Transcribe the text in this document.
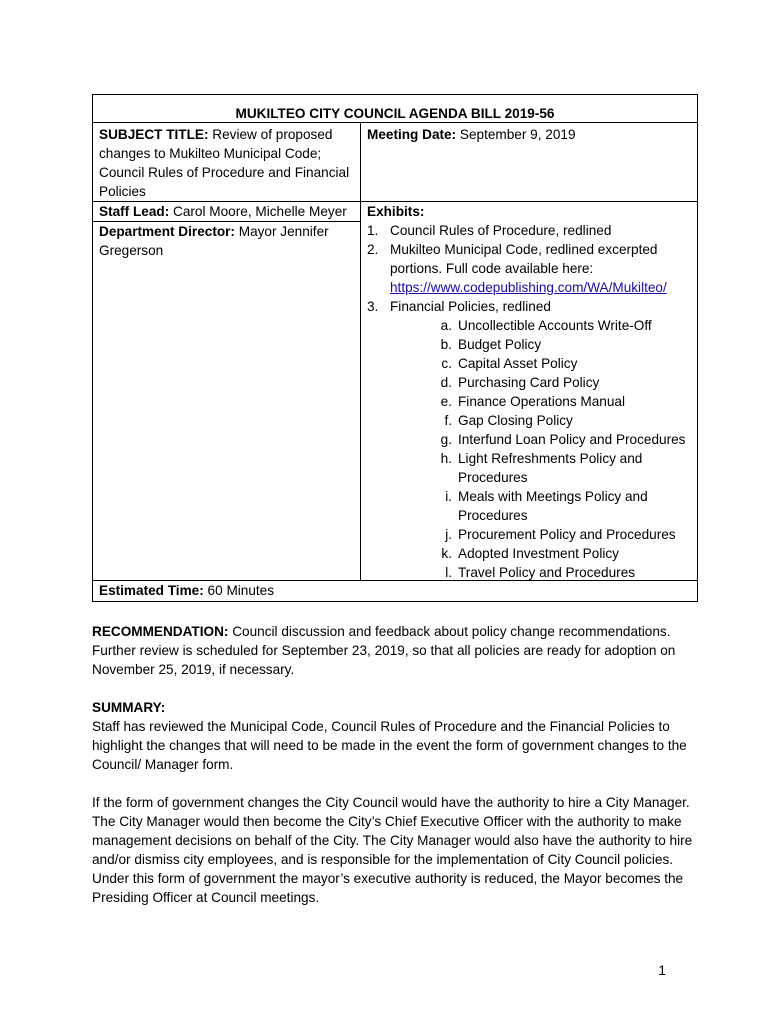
MUKILTEO CITY COUNCIL AGENDA BILL 2019-56
SUBJECT TITLE: Review of proposed changes to Mukilteo Municipal Code; Council Rules of Procedure and Financial Policies
Meeting Date: September 9, 2019
Staff Lead: Carol Moore, Michelle Meyer
Department Director: Mayor Jennifer Gregerson
Exhibits:
1. Council Rules of Procedure, redlined
2. Mukilteo Municipal Code, redlined excerpted portions. Full code available here:
https://www.codepublishing.com/WA/Mukilteo/
3. Financial Policies, redlined
a. Uncollectible Accounts Write-Off
b. Budget Policy
c. Capital Asset Policy
d. Purchasing Card Policy
e. Finance Operations Manual
f. Gap Closing Policy
g. Interfund Loan Policy and Procedures
h. Light Refreshments Policy and Procedures
i. Meals with Meetings Policy and Procedures
j. Procurement Policy and Procedures
k. Adopted Investment Policy
l. Travel Policy and Procedures
Estimated Time: 60 Minutes

RECOMMENDATION: Council discussion and feedback about policy change recommendations. Further review is scheduled for September 23, 2019, so that all policies are ready for adoption on November 25, 2019, if necessary.

SUMMARY:

Staff has reviewed the Municipal Code, Council Rules of Procedure and the Financial Policies to highlight the changes that will need to be made in the event the form of government changes to the Council/ Manager form.

If the form of government changes the City Council would have the authority to hire a City Manager. The City Manager would then become the City’s Chief Executive Officer with the authority to make management decisions on behalf of the City. The City Manager would also have the authority to hire and/or dismiss city employees, and is responsible for the implementation of City Council policies. Under this form of government the mayor’s executive authority is reduced, the Mayor becomes the Presiding Officer at Council meetings.

1
